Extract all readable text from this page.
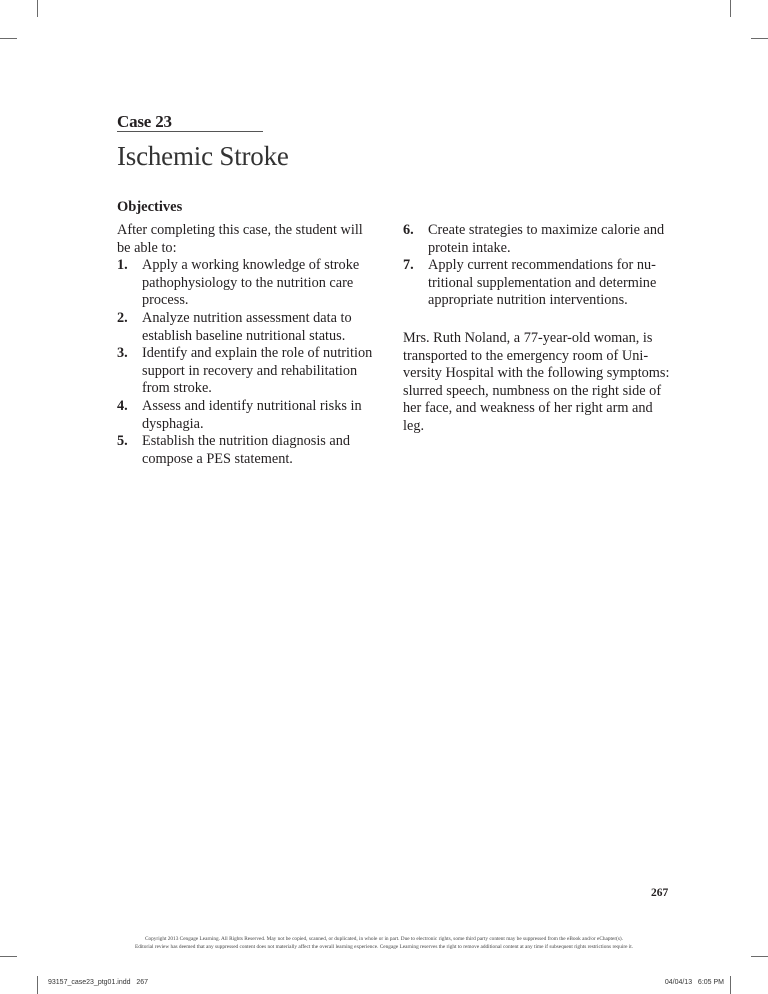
Case 23
Ischemic Stroke
Objectives

After completing this case, the student will be able to:

1. Apply a working knowledge of stroke pathophysiology to the nutrition care process.
2. Analyze nutrition assessment data to establish baseline nutritional status.
3. Identify and explain the role of nutrition support in recovery and rehabilitation from stroke.
4. Assess and identify nutritional risks in dysphagia.
5. Establish the nutrition diagnosis and compose a PES statement.
6. Create strategies to maximize calorie and protein intake.
7. Apply current recommendations for nutritional supplementation and determine appropriate nutrition interventions.

Mrs. Ruth Noland, a 77-year-old woman, is transported to the emergency room of University Hospital with the following symptoms: slurred speech, numbness on the right side of her face, and weakness of her right arm and leg.

267
Copyright 2013 Cengage Learning. All Rights Reserved. May not be copied, scanned, or duplicated, in whole or in part. Due to electronic rights, some third party content may be suppressed from the eBook and/or eChapter(s).
Editorial review has deemed that any suppressed content does not materially affect the overall learning experience. Cengage Learning reserves the right to remove additional content at any time if subsequent rights restrictions require it.
93157_case23_ptg01.indd   267	04/04/13   6:05 PM
